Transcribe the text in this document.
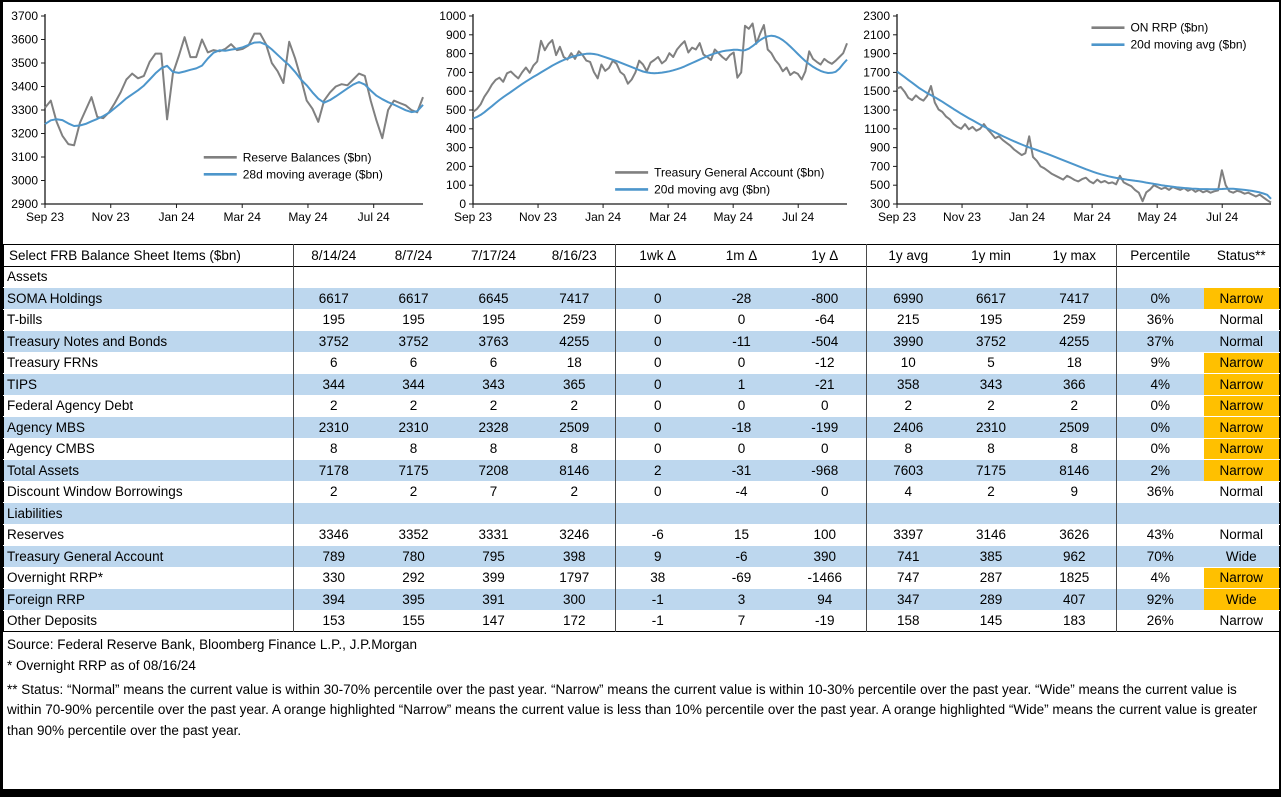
2900
3000
3100
3200
3300
3400
3500
3600
3700
Sep 23 Nov 23 Jan 24 Mar 24 May 24	Jul 24
Reserve Balances ($bn)
28d moving average ($bn)
0
100
200
300
400
500
600
700
800
900
1000
Sep 23 Nov 23 Jan 24 Mar 24 May 24 Jul 24
Treasury General Account ($bn)
20d moving avg ($bn)
300
500
700
900
1100
1300
1500
1700
1900
2100
2300
Sep 23 Nov 23 Jan 24 Mar 24 May 24 Jul 24
ON RRP ($bn)
20d moving avg ($bn)
Select FRB Balance Sheet Items ($bn)	8/14/24	8/7/24	7/17/24	8/16/23	1wk Δ	1m Δ	1y Δ	1y avg	1y min	1y max	Percentile	Status**
Assets												
SOMA Holdings	6617	6617	6645	7417	0	-28	-800	6990	6617	7417	0%	Narrow
T-bills	195	195	195	259	0	0	-64	215	195	259	36%	Normal
Treasury Notes and Bonds	3752	3752	3763	4255	0	-11	-504	3990	3752	4255	37%	Normal
Treasury FRNs	6	6	6	18	0	0	-12	10	5	18	9%	Narrow
TIPS	344	344	343	365	0	1	-21	358	343	366	4%	Narrow
Federal Agency Debt	2	2	2	2	0	0	0	2	2	2	0%	Narrow
Agency MBS	2310	2310	2328	2509	0	-18	-199	2406	2310	2509	0%	Narrow
Agency CMBS	8	8	8	8	0	0	0	8	8	8	0%	Narrow
Total Assets	7178	7175	7208	8146	2	-31	-968	7603	7175	8146	2%	Narrow
Discount Window Borrowings	2	2	7	2	0	-4	0	4	2	9	36%	Normal
Liabilities												
Reserves	3346	3352	3331	3246	-6	15	100	3397	3146	3626	43%	Normal
Treasury General Account	789	780	795	398	9	-6	390	741	385	962	70%	Wide
Overnight RRP*	330	292	399	1797	38	-69	-1466	747	287	1825	4%	Narrow
Foreign RRP	394	395	391	300	-1	3	94	347	289	407	92%	Wide
Other Deposits	153	155	147	172	-1	7	-19	158	145	183	26%	Narrow
Source: Federal Reserve Bank, Bloomberg Finance L.P., J.P.Morgan
* Overnight RRP as of 08/16/24
** Status: “Normal” means the current value is within 30-70% percentile over the past year. “Narrow” means the current value is within 10-30% percentile over the past year. “Wide” means the current value is within 70-90% percentile over the past year. A orange highlighted “Narrow” means the current value is less than 10% percentile over the past year. A orange highlighted “Wide” means the current value is greater than 90% percentile over the past year.
